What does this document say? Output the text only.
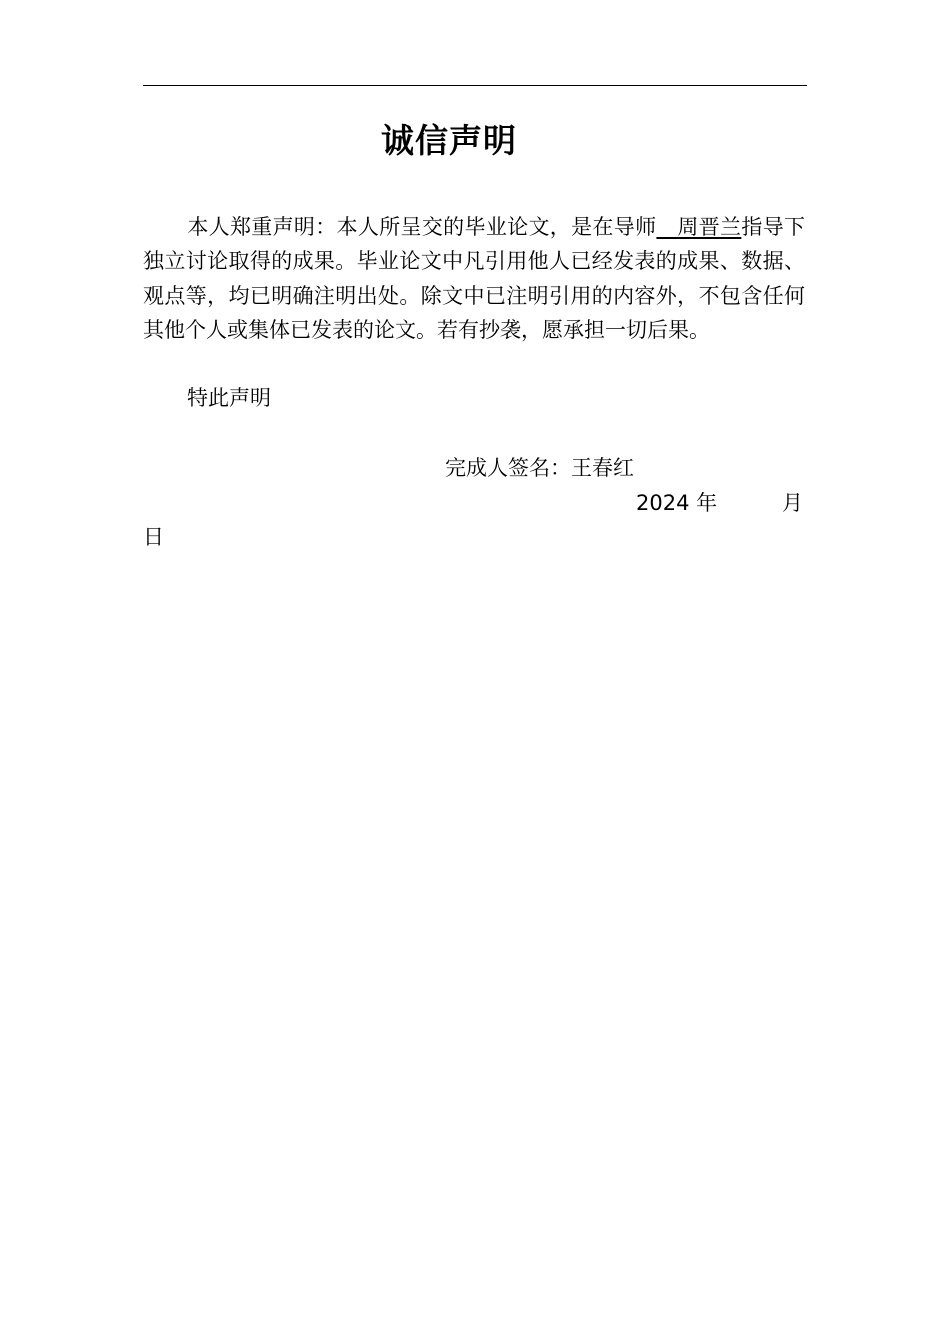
诚信声明
本人郑重声明：本人所呈交的毕业论文，是在导师   周晋兰指导下独立讨论取得的成果。毕业论文中凡引用他人已经发表的成果、数据、观点等，均已明确注明出处。除文中已注明引用的内容外，不包含任何其他个人或集体已发表的论文。若有抄袭，愿承担一切后果。
特此声明
完成人签名：王春红
2024 年	月
日
